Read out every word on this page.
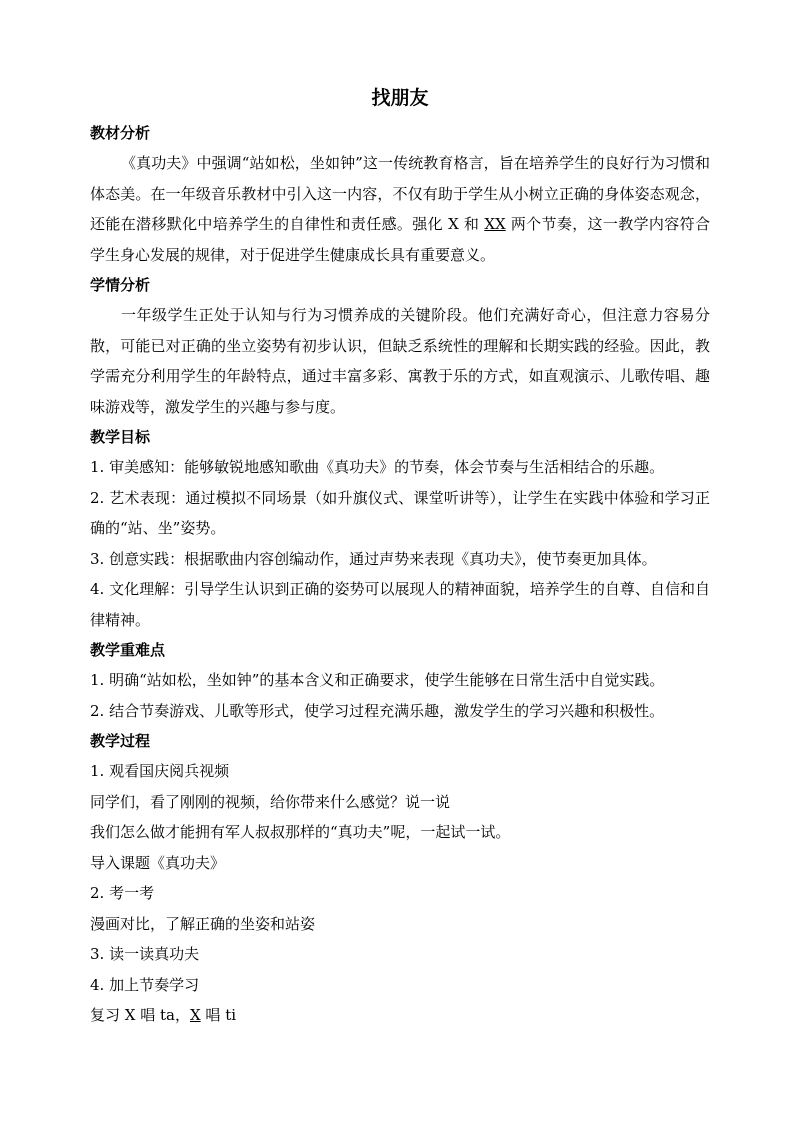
找朋友
教材分析

《真功夫》中强调“站如松，坐如钟”这一传统教育格言，旨在培养学生的良好行为习惯和体态美。在一年级音乐教材中引入这一内容，不仅有助于学生从小树立正确的身体姿态观念，还能在潜移默化中培养学生的自律性和责任感。强化 X 和 XX 两个节奏，这一教学内容符合学生身心发展的规律，对于促进学生健康成长具有重要意义。

学情分析

一年级学生正处于认知与行为习惯养成的关键阶段。他们充满好奇心，但注意力容易分散，可能已对正确的坐立姿势有初步认识，但缺乏系统性的理解和长期实践的经验。因此，教学需充分利用学生的年龄特点，通过丰富多彩、寓教于乐的方式，如直观演示、儿歌传唱、趣味游戏等，激发学生的兴趣与参与度。

教学目标

1. 审美感知：能够敏锐地感知歌曲《真功夫》的节奏，体会节奏与生活相结合的乐趣。

2. 艺术表现：通过模拟不同场景（如升旗仪式、课堂听讲等），让学生在实践中体验和学习正确的“站、坐”姿势。

3. 创意实践：根据歌曲内容创编动作，通过声势来表现《真功夫》，使节奏更加具体。

4. 文化理解：引导学生认识到正确的姿势可以展现人的精神面貌，培养学生的自尊、自信和自律精神。

教学重难点

1. 明确“站如松，坐如钟”的基本含义和正确要求，使学生能够在日常生活中自觉实践。

2. 结合节奏游戏、儿歌等形式，使学习过程充满乐趣，激发学生的学习兴趣和积极性。

教学过程

1. 观看国庆阅兵视频

同学们，看了刚刚的视频，给你带来什么感觉？说一说

我们怎么做才能拥有军人叔叔那样的“真功夫”呢，一起试一试。

导入课题《真功夫》

2. 考一考

漫画对比，了解正确的坐姿和站姿

3. 读一读真功夫

4. 加上节奏学习

复习 X 唱 ta，X 唱 ti
